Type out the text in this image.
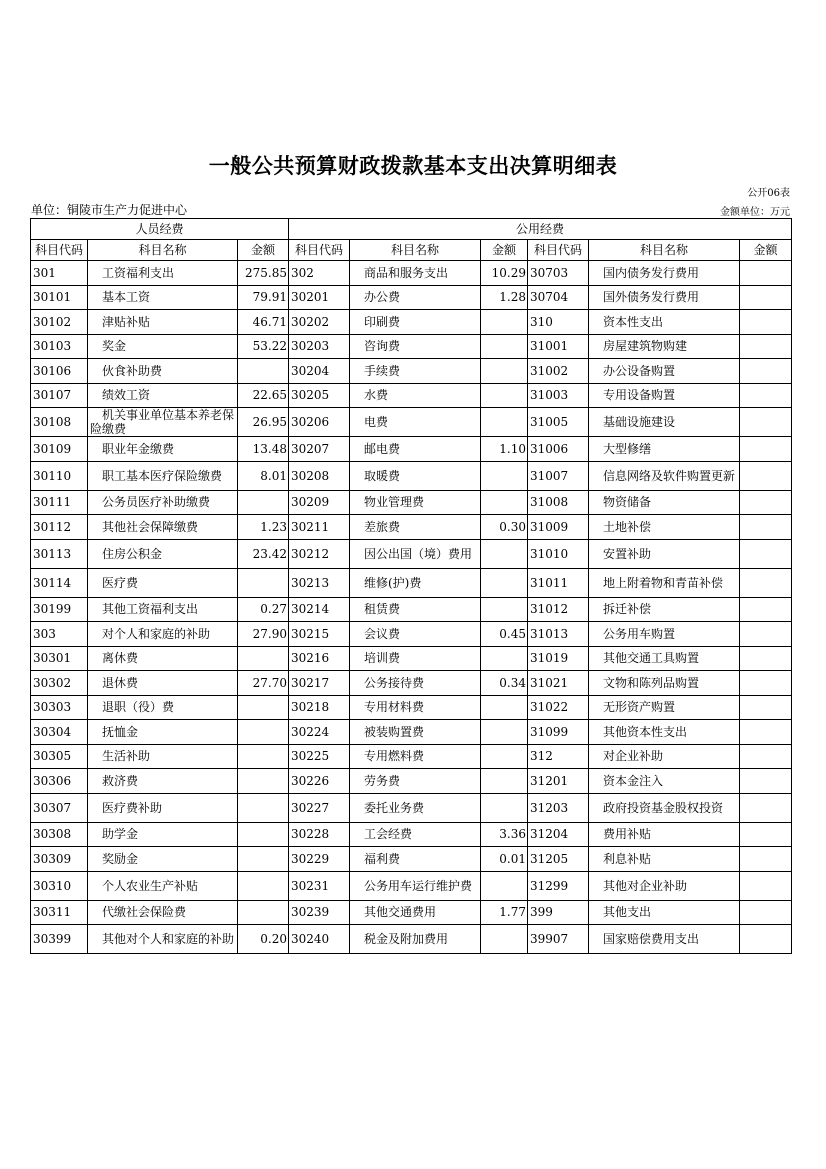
一般公共预算财政拨款基本支出决算明细表
公开06表
单位：铜陵市生产力促进中心	金额单位：万元
人员经费			公用经费					
科目代码	科目名称	金额	科目代码	科目名称	金额	科目代码	科目名称	金额
301	工资福利支出	275.85	302	商品和服务支出	10.29	30703	国内债务发行费用	
30101	基本工资	79.91	30201	办公费	1.28	30704	国外债务发行费用	
30102	津贴补贴	46.71	30202	印刷费		310	资本性支出	
30103	奖金	53.22	30203	咨询费		31001	房屋建筑物购建	
30106	伙食补助费		30204	手续费		31002	办公设备购置	
30107	绩效工资	22.65	30205	水费		31003	专用设备购置	
30108	机关事业单位基本养老保险缴费	26.95	30206	电费		31005	基础设施建设	
30109	职业年金缴费	13.48	30207	邮电费	1.10	31006	大型修缮	
30110	职工基本医疗保险缴费	8.01	30208	取暖费		31007	信息网络及软件购置更新	
30111	公务员医疗补助缴费		30209	物业管理费		31008	物资储备	
30112	其他社会保障缴费	1.23	30211	差旅费	0.30	31009	土地补偿	
30113	住房公积金	23.42	30212	因公出国（境）费用		31010	安置补助	
30114	医疗费		30213	维修(护)费		31011	地上附着物和青苗补偿	
30199	其他工资福利支出	0.27	30214	租赁费		31012	拆迁补偿	
303	对个人和家庭的补助	27.90	30215	会议费	0.45	31013	公务用车购置	
30301	离休费		30216	培训费		31019	其他交通工具购置	
30302	退休费	27.70	30217	公务接待费	0.34	31021	文物和陈列品购置	
30303	退职（役）费		30218	专用材料费		31022	无形资产购置	
30304	抚恤金		30224	被装购置费		31099	其他资本性支出	
30305	生活补助		30225	专用燃料费		312	对企业补助	
30306	救济费		30226	劳务费		31201	资本金注入	
30307	医疗费补助		30227	委托业务费		31203	政府投资基金股权投资	
30308	助学金		30228	工会经费	3.36	31204	费用补贴	
30309	奖励金		30229	福利费	0.01	31205	利息补贴	
30310	个人农业生产补贴		30231	公务用车运行维护费		31299	其他对企业补助	
30311	代缴社会保险费		30239	其他交通费用	1.77	399	其他支出	
30399	其他对个人和家庭的补助	0.20	30240	税金及附加费用		39907	国家赔偿费用支出	
